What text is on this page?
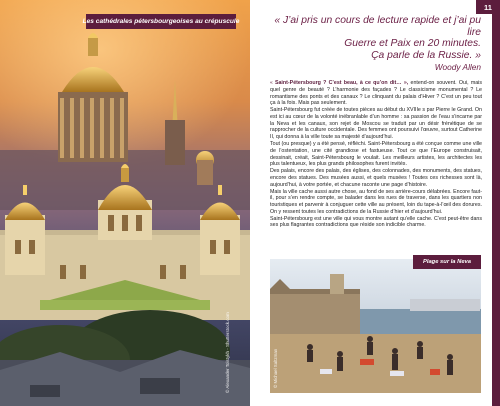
Les cathédrales pétersbourgeoises au crépuscule
© Alexander Tolstykh - Shutterstock.com
11
« J’ai pris un cours de lecture rapide et j’ai pu lire
Guerre et Paix en 20 minutes.
Ça parle de la Russie. »
Woody Allen

« Saint-Pétersbourg ? C’est beau, à ce qu’on dit… », entend-on souvent. Oui, mais quel genre de beauté ? L’harmonie des façades ? Le classicisme monumental ? Le romantisme des ponts et des canaux ? Le clinquant du palais d’Hiver ? C’est un peu tout ça à la fois. Mais pas seulement.

Saint-Pétersbourg fut créée de toutes pièces au début du XVIIIe s par Pierre le Grand. On est ici au cœur de la volonté inébranlable d’un homme : sa passion de l’eau s’incarne par la Neva et les canaux, son rejet de Moscou se traduit par un désir frénétique de se rapprocher de la culture occidentale. Des femmes ont poursuivi l’œuvre, surtout Catherine II, qui donna à la ville toute sa majesté d’aujourd’hui.

Tout (ou presque) y a été pensé, réfléchi. Saint-Pétersbourg a été conçue comme une ville de l’ostentation, une cité grandiose et fastueuse. Tout ce que l’Europe construisait, dessinait, créait, Saint-Pétersbourg le voulait. Les meilleurs artistes, les architectes les plus talentueux, les plus grands philosophes furent invités.

Des palais, encore des palais, des églises, des colonnades, des monuments, des statues, encore des statues. Des musées aussi, et quels musées ! Toutes ces richesses sont là, aujourd’hui, à votre portée, et chacune raconte une page d’histoire.

Mais la ville cache aussi autre chose, au fond de ses arrière-cours délabrées. Encore faut-il, pour s’en rendre compte, se balader dans les rues de traverse, dans les quartiers non touristiques et parvenir à conjuguer cette ville au présent, loin du tape-à-l’œil des dorures. On y ressent toutes les contradictions de la Russie d’hier et d’aujourd’hui.

Saint-Pétersbourg est une ville qui vous montre autant qu’elle cache. C’est peut-être dans ses plus flagrantes contradictions que réside son indicible charme.

Plage sur la Neva
© Michael Saltzman
